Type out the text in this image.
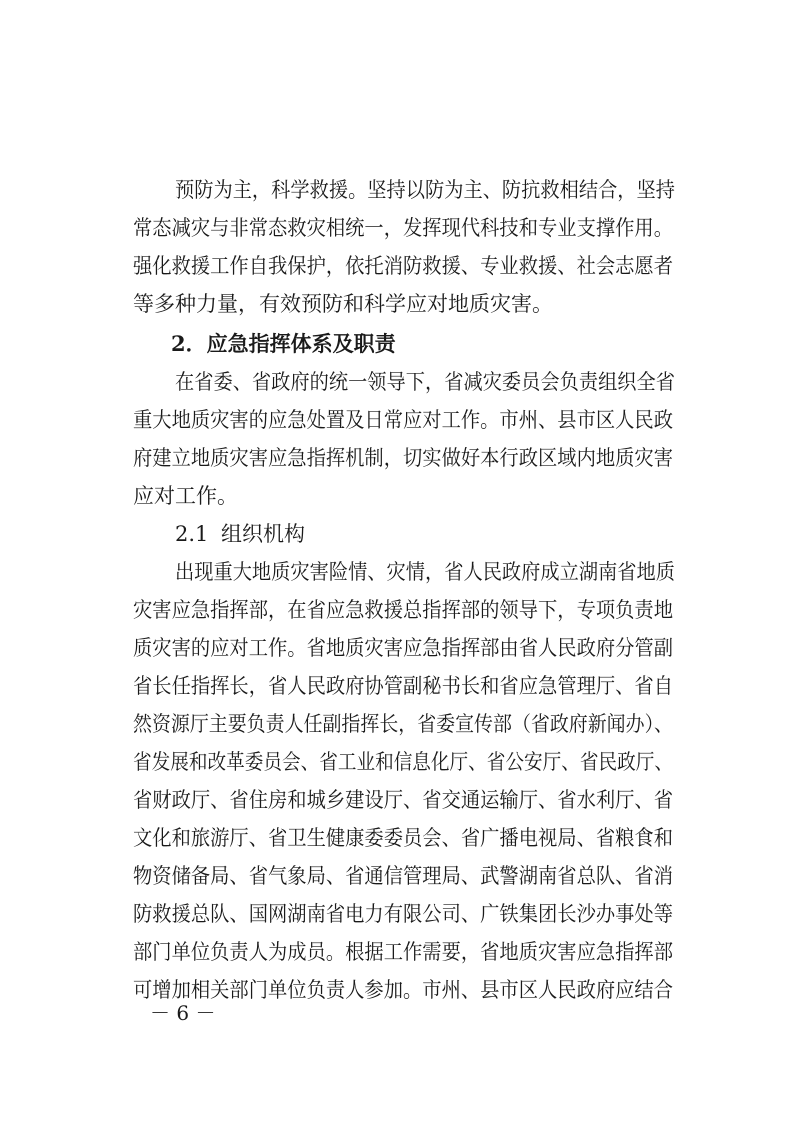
预防为主，科学救援。坚持以防为主、防抗救相结合，坚持
常态减灾与非常态救灾相统一，发挥现代科技和专业支撑作用。
强化救援工作自我保护，依托消防救援、专业救援、社会志愿者
等多种力量，有效预防和科学应对地质灾害。
2．应急指挥体系及职责
在省委、省政府的统一领导下，省减灾委员会负责组织全省
重大地质灾害的应急处置及日常应对工作。市州、县市区人民政
府建立地质灾害应急指挥机制，切实做好本行政区域内地质灾害
应对工作。
2.1 组织机构
出现重大地质灾害险情、灾情，省人民政府成立湖南省地质
灾害应急指挥部，在省应急救援总指挥部的领导下，专项负责地
质灾害的应对工作。省地质灾害应急指挥部由省人民政府分管副
省长任指挥长，省人民政府协管副秘书长和省应急管理厅、省自
然资源厅主要负责人任副指挥长，省委宣传部（省政府新闻办）、
省发展和改革委员会、省工业和信息化厅、省公安厅、省民政厅、
省财政厅、省住房和城乡建设厅、省交通运输厅、省水利厅、省
文化和旅游厅、省卫生健康委委员会、省广播电视局、省粮食和
物资储备局、省气象局、省通信管理局、武警湖南省总队、省消
防救援总队、国网湖南省电力有限公司、广铁集团长沙办事处等
部门单位负责人为成员。根据工作需要，省地质灾害应急指挥部
可增加相关部门单位负责人参加。市州、县市区人民政府应结合
－ 6 －
